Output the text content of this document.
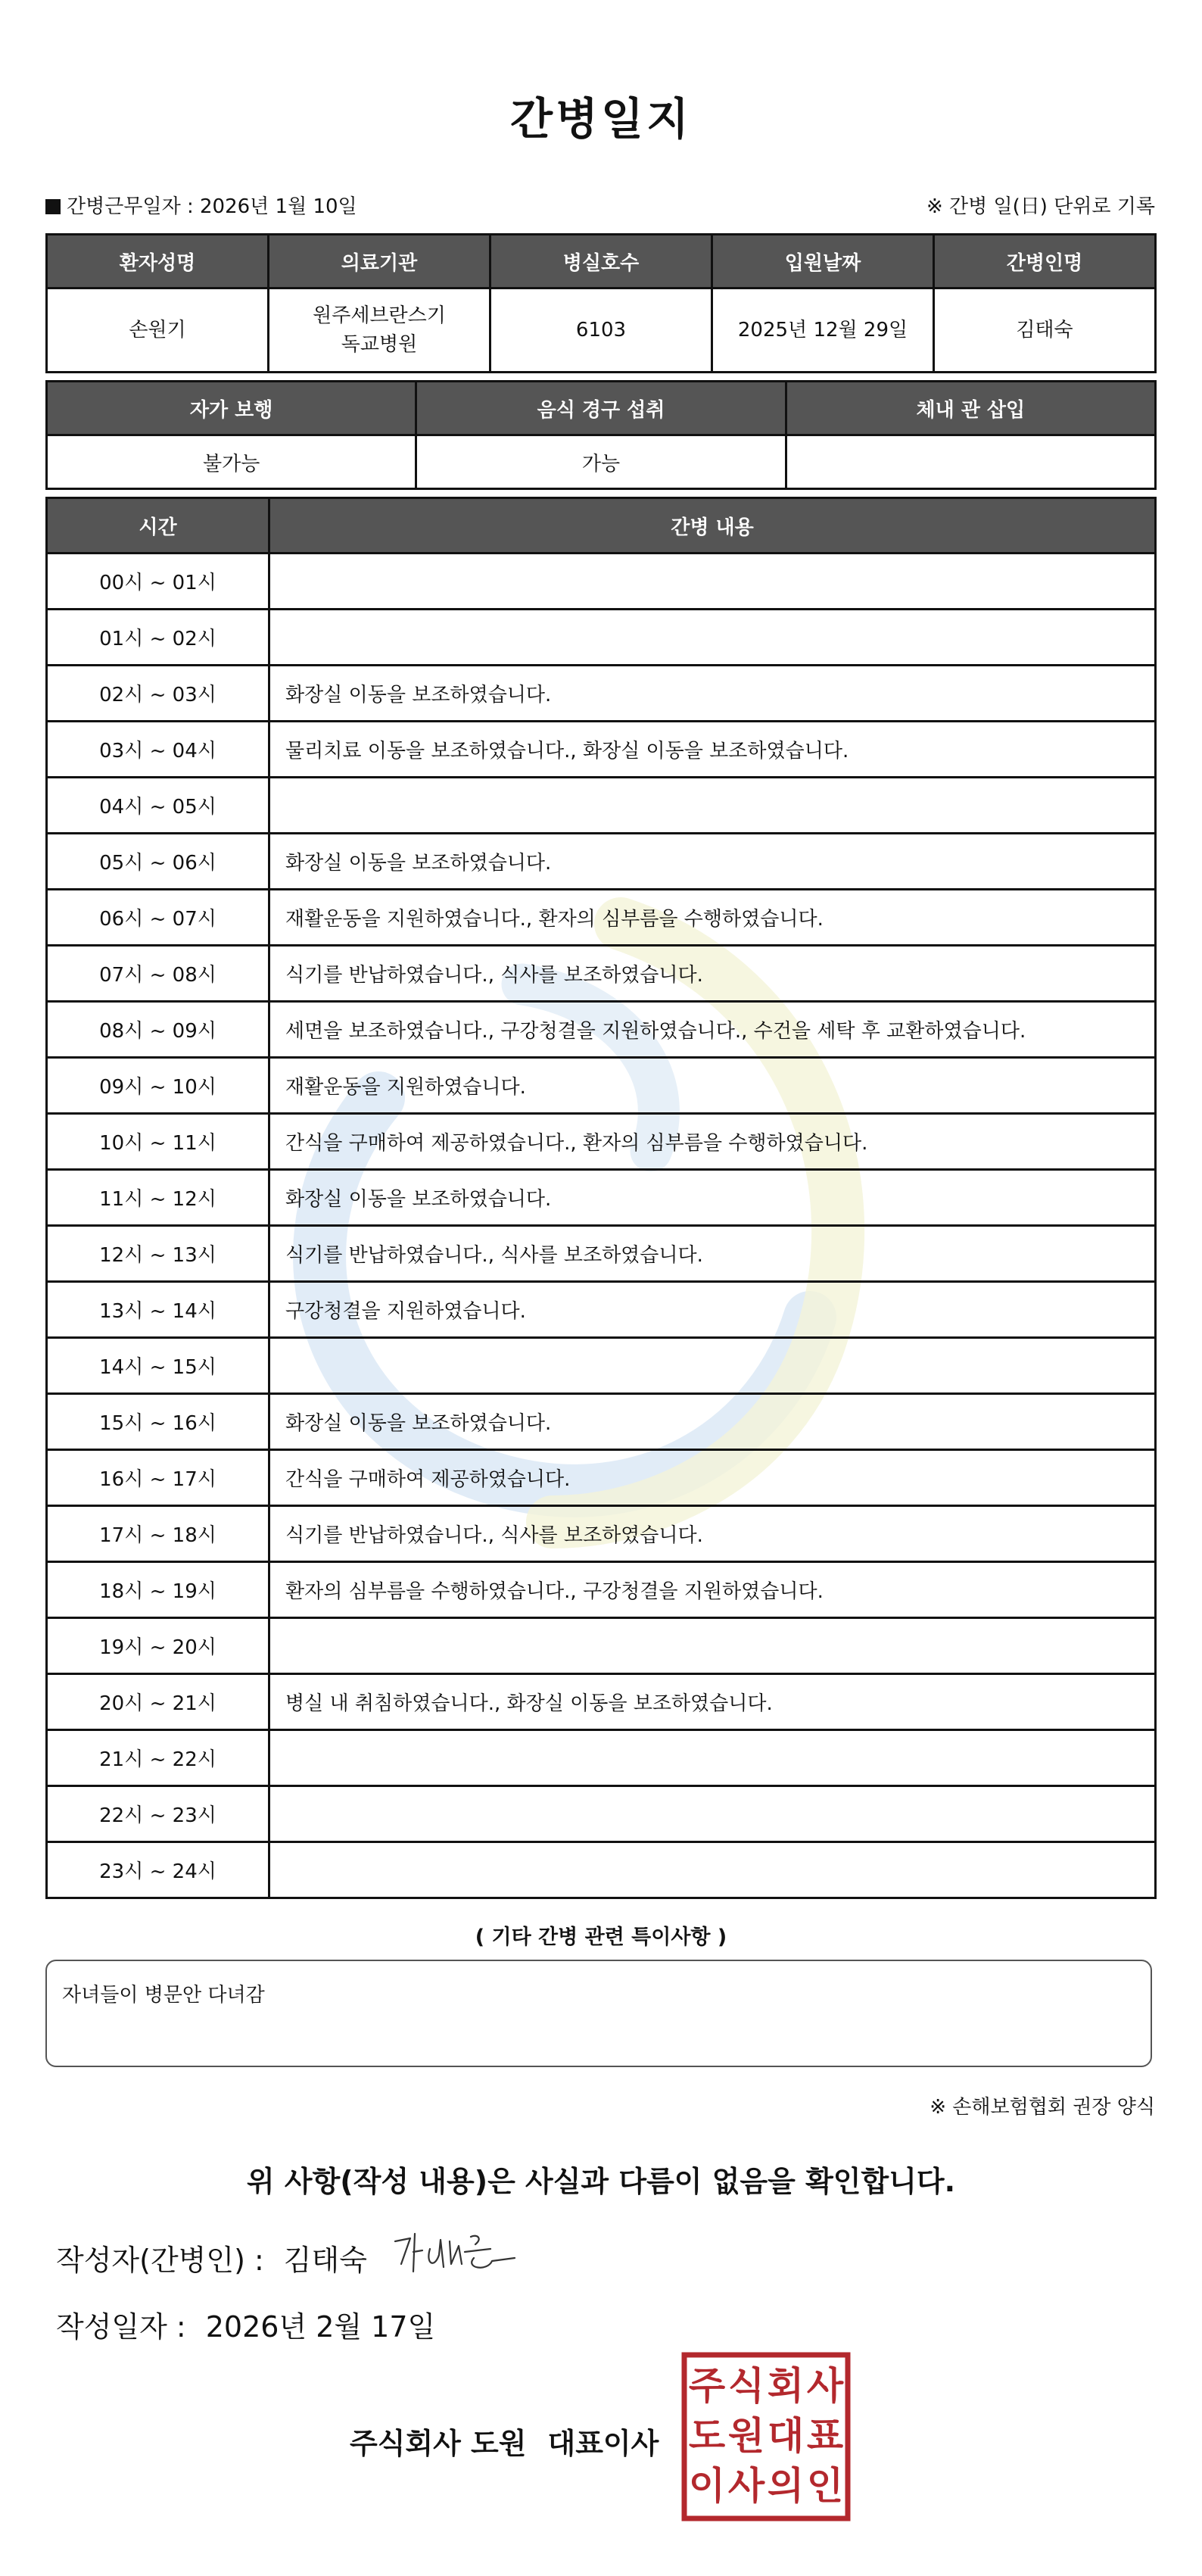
간병일지
간병근무일자 : 2026년 1월 10일	※ 간병 일(日) 단위로 기록
환자성명	의료기관	병실호수	입원날짜	간병인명
손원기	원주세브란스기독교병원	6103	2025년 12월 29일	김태숙
자가 보행	음식 경구 섭취	체내 관 삽입
불가능	가능	
시간	간병 내용
00시 ~ 01시	
01시 ~ 02시	
02시 ~ 03시	화장실 이동을 보조하였습니다.
03시 ~ 04시	물리치료 이동을 보조하였습니다., 화장실 이동을 보조하였습니다.
04시 ~ 05시	
05시 ~ 06시	화장실 이동을 보조하였습니다.
06시 ~ 07시	재활운동을 지원하였습니다., 환자의 심부름을 수행하였습니다.
07시 ~ 08시	식기를 반납하였습니다., 식사를 보조하였습니다.
08시 ~ 09시	세면을 보조하였습니다., 구강청결을 지원하였습니다., 수건을 세탁 후 교환하였습니다.
09시 ~ 10시	재활운동을 지원하였습니다.
10시 ~ 11시	간식을 구매하여 제공하였습니다., 환자의 심부름을 수행하였습니다.
11시 ~ 12시	화장실 이동을 보조하였습니다.
12시 ~ 13시	식기를 반납하였습니다., 식사를 보조하였습니다.
13시 ~ 14시	구강청결을 지원하였습니다.
14시 ~ 15시	
15시 ~ 16시	화장실 이동을 보조하였습니다.
16시 ~ 17시	간식을 구매하여 제공하였습니다.
17시 ~ 18시	식기를 반납하였습니다., 식사를 보조하였습니다.
18시 ~ 19시	환자의 심부름을 수행하였습니다., 구강청결을 지원하였습니다.
19시 ~ 20시	
20시 ~ 21시	병실 내 취침하였습니다., 화장실 이동을 보조하였습니다.
21시 ~ 22시	
22시 ~ 23시	
23시 ~ 24시	
( 기타 간병 관련 특이사항 )
자녀들이 병문안 다녀감
※ 손해보험협회 권장 양식
위 사항(작성 내용)은 사실과 다름이 없음을 확인합니다.
작성자(간병인) : 김태숙
작성일자 : 2026년 2월 17일
주식회사 도원 대표이사
주 식 회 사
도 원 대 표
이 사 의 인
